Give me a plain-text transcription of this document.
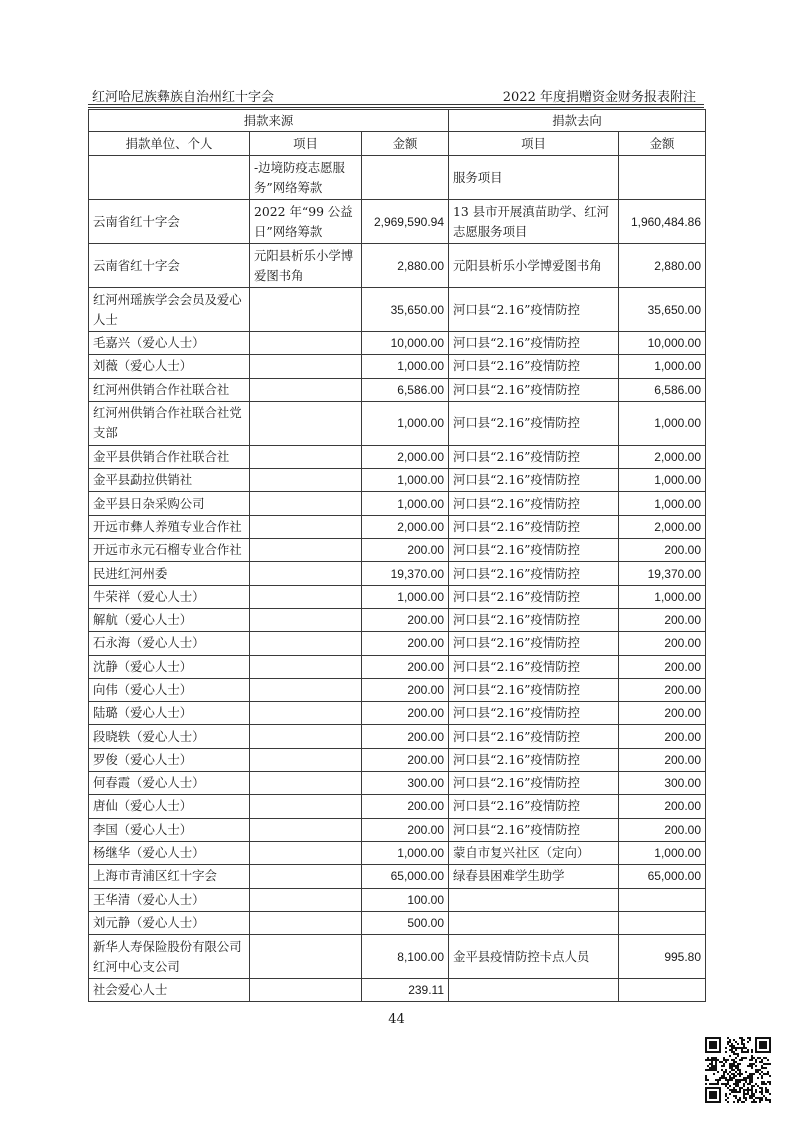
红河哈尼族彝族自治州红十字会	2022 年度捐赠资金财务报表附注
捐款来源			捐款去向	
捐款单位、个人	项目	金额	项目	金额
	-边境防疫志愿服务”网络筹款		服务项目	
云南省红十字会	2022 年“99 公益日”网络筹款	2,969,590.94	13 县市开展滇苗助学、红河志愿服务项目	1,960,484.86
云南省红十字会	元阳县析乐小学博爱图书角	2,880.00	元阳县析乐小学博爱图书角	2,880.00
红河州瑶族学会会员及爱心人士		35,650.00	河口县“2.16”疫情防控	35,650.00
毛嘉兴（爱心人士）		10,000.00	河口县“2.16”疫情防控	10,000.00
刘薇（爱心人士）		1,000.00	河口县“2.16”疫情防控	1,000.00
红河州供销合作社联合社		6,586.00	河口县“2.16”疫情防控	6,586.00
红河州供销合作社联合社党支部		1,000.00	河口县“2.16”疫情防控	1,000.00
金平县供销合作社联合社		2,000.00	河口县“2.16”疫情防控	2,000.00
金平县勐拉供销社		1,000.00	河口县“2.16”疫情防控	1,000.00
金平县日杂采购公司		1,000.00	河口县“2.16”疫情防控	1,000.00
开远市彝人养殖专业合作社		2,000.00	河口县“2.16”疫情防控	2,000.00
开远市永元石榴专业合作社		200.00	河口县“2.16”疫情防控	200.00
民进红河州委		19,370.00	河口县“2.16”疫情防控	19,370.00
牛荣祥（爱心人士）		1,000.00	河口县“2.16”疫情防控	1,000.00
解航（爱心人士）		200.00	河口县“2.16”疫情防控	200.00
石永海（爱心人士）		200.00	河口县“2.16”疫情防控	200.00
沈静（爱心人士）		200.00	河口县“2.16”疫情防控	200.00
向伟（爱心人士）		200.00	河口县“2.16”疫情防控	200.00
陆璐（爱心人士）		200.00	河口县“2.16”疫情防控	200.00
段晓轶（爱心人士）		200.00	河口县“2.16”疫情防控	200.00
罗俊（爱心人士）		200.00	河口县“2.16”疫情防控	200.00
何春霞（爱心人士）		300.00	河口县“2.16”疫情防控	300.00
唐仙（爱心人士）		200.00	河口县“2.16”疫情防控	200.00
李国（爱心人士）		200.00	河口县“2.16”疫情防控	200.00
杨继华（爱心人士）		1,000.00	蒙自市复兴社区（定向）	1,000.00
上海市青浦区红十字会		65,000.00	绿春县困难学生助学	65,000.00
王华清（爱心人士）		100.00		
刘元静（爱心人士）		500.00		
新华人寿保险股份有限公司红河中心支公司		8,100.00	金平县疫情防控卡点人员	995.80
社会爱心人士		239.11		
44
